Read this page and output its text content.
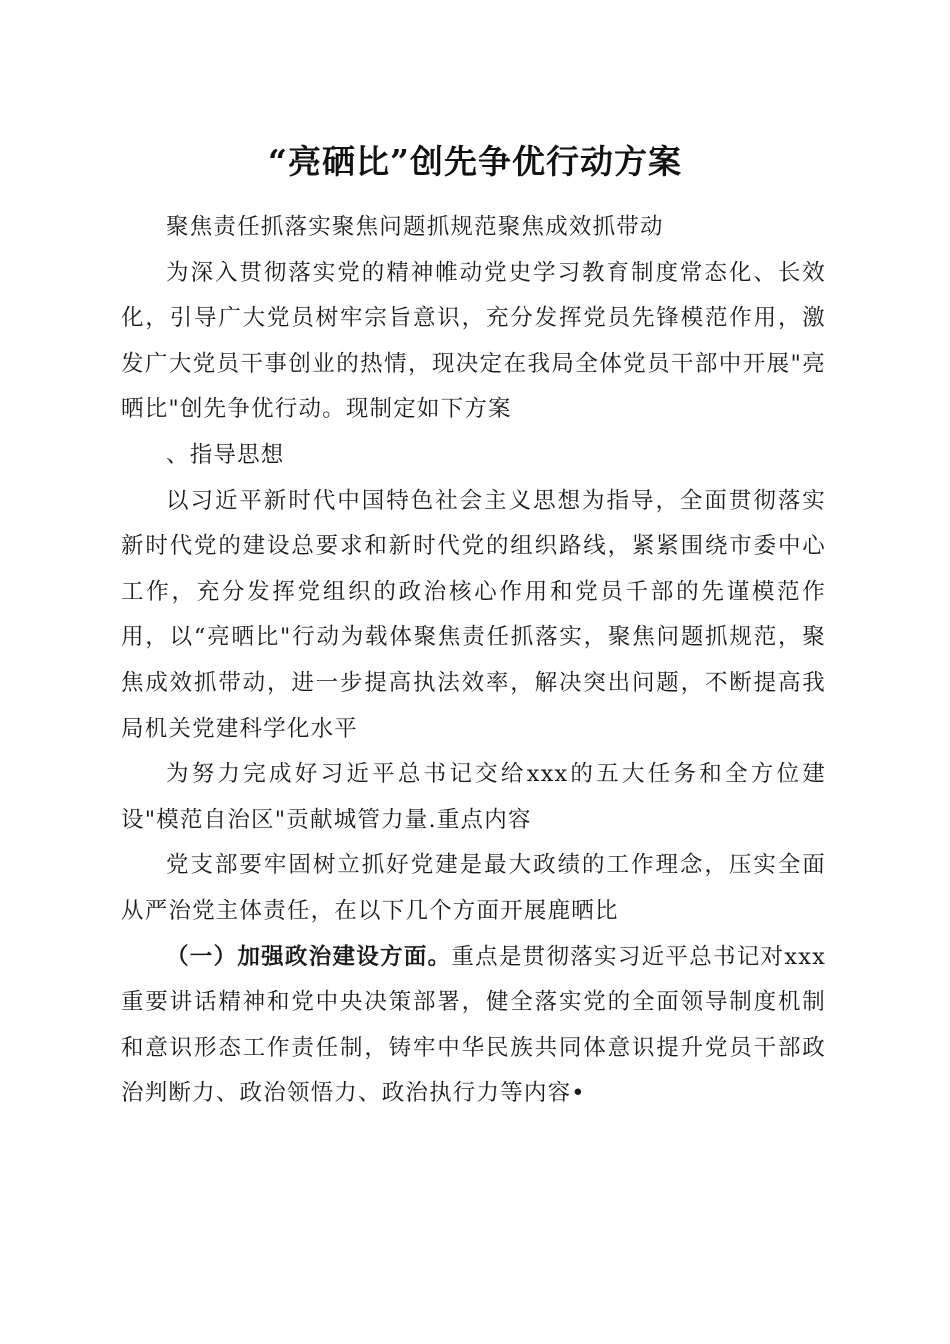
“亮硒比”创先争优行动方案

聚焦责任抓落实聚焦问题抓规范聚焦成效抓带动

为深入贯彻落实党的精神帷动党史学习教育制度常态化、长效化，引导广大党员树牢宗旨意识，充分发挥党员先锋模范作用，激发广大党员干事创业的热情，现决定在我局全体党员干部中开展"亮晒比"创先争优行动。现制定如下方案

、指导思想

以习近平新时代中国特色社会主义思想为指导，全面贯彻落实新时代党的建设总要求和新时代党的组织路线，紧紧围绕市委中心工作，充分发挥党组织的政治核心作用和党员千部的先谨模范作用，以“亮晒比"行动为载体聚焦责任抓落实，聚焦问题抓规范，聚焦成效抓带动，进一步提高执法效率，解决突出问题，不断提高我局机关党建科学化水平

为努力完成好习近平总书记交给xxx的五大任务和全方位建设"模范自治区"贡献城管力量.重点内容

党支部要牢固树立抓好党建是最大政绩的工作理念，压实全面从严治党主体责任，在以下几个方面开展鹿晒比

（一）加强政治建设方面。重点是贯彻落实习近平总书记对xxx重要讲话精神和党中央决策部署，健全落实党的全面领导制度机制和意识形态工作责任制，铸牢中华民族共同体意识提升党员干部政治判断力、政治领悟力、政治执行力等内容•
